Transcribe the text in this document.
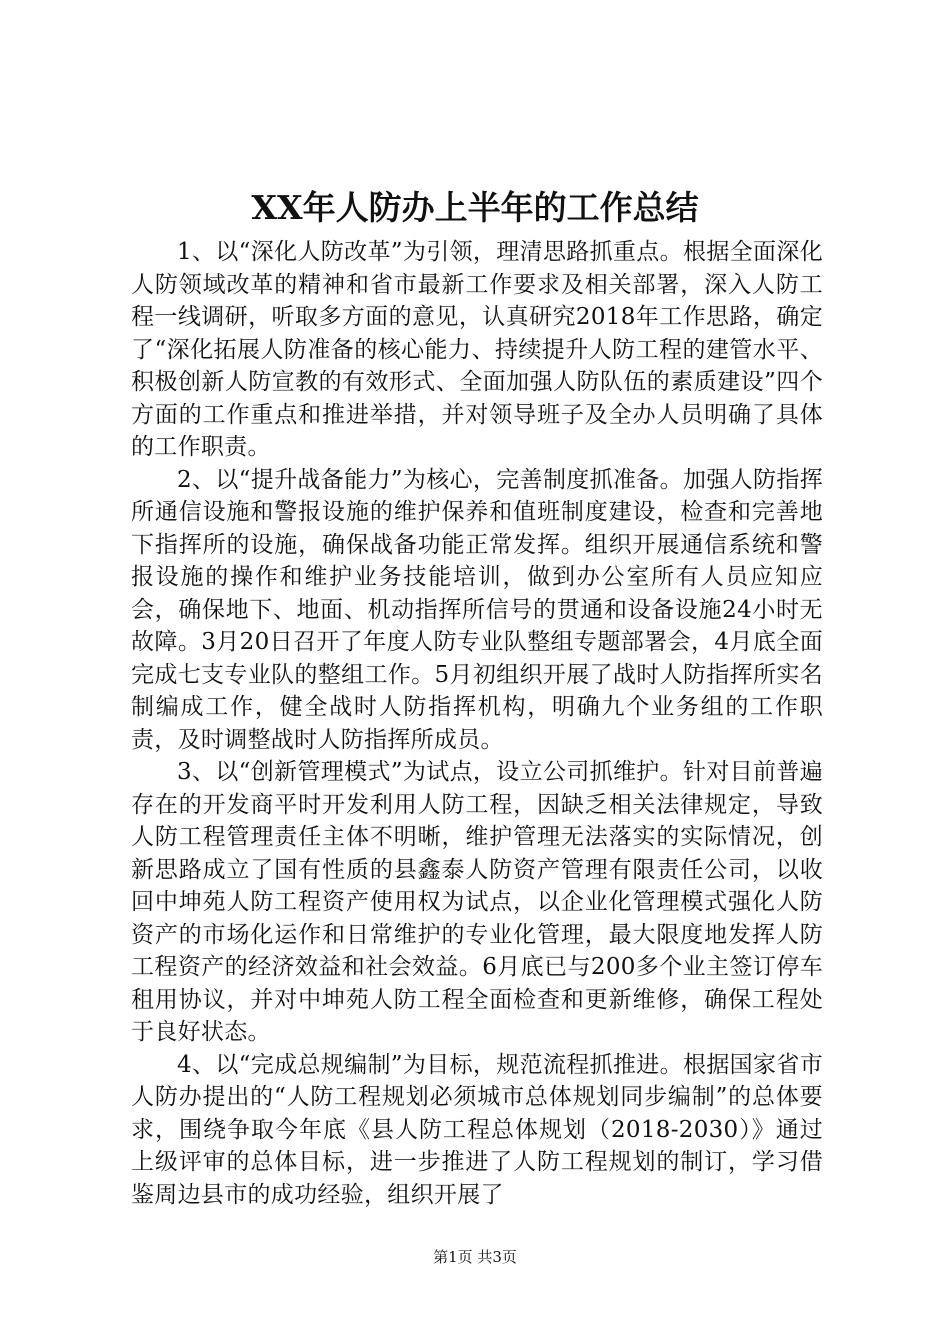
XX年人防办上半年的工作总结

1、以“深化人防改革”为引领，理清思路抓重点。根据全面深化人防领域改革的精神和省市最新工作要求及相关部署，深入人防工程一线调研，听取多方面的意见，认真研究2018年工作思路，确定了“深化拓展人防准备的核心能力、持续提升人防工程的建管水平、积极创新人防宣教的有效形式、全面加强人防队伍的素质建设”四个方面的工作重点和推进举措，并对领导班子及全办人员明确了具体的工作职责。

2、以“提升战备能力”为核心，完善制度抓准备。加强人防指挥所通信设施和警报设施的维护保养和值班制度建设，检查和完善地下指挥所的设施，确保战备功能正常发挥。组织开展通信系统和警报设施的操作和维护业务技能培训，做到办公室所有人员应知应会，确保地下、地面、机动指挥所信号的贯通和设备设施24小时无故障。3月20日召开了年度人防专业队整组专题部署会，4月底全面完成七支专业队的整组工作。5月初组织开展了战时人防指挥所实名制编成工作，健全战时人防指挥机构，明确九个业务组的工作职责，及时调整战时人防指挥所成员。

3、以“创新管理模式”为试点，设立公司抓维护。针对目前普遍存在的开发商平时开发利用人防工程，因缺乏相关法律规定，导致人防工程管理责任主体不明晰，维护管理无法落实的实际情况，创新思路成立了国有性质的县鑫泰人防资产管理有限责任公司，以收回中坤苑人防工程资产使用权为试点，以企业化管理模式强化人防资产的市场化运作和日常维护的专业化管理，最大限度地发挥人防工程资产的经济效益和社会效益。6月底已与200多个业主签订停车租用协议，并对中坤苑人防工程全面检查和更新维修，确保工程处于良好状态。

4、以“完成总规编制”为目标，规范流程抓推进。根据国家省市人防办提出的“人防工程规划必须城市总体规划同步编制”的总体要求，围绕争取今年底《县人防工程总体规划（2018-2030）》通过上级评审的总体目标，进一步推进了人防工程规划的制订，学习借鉴周边县市的成功经验，组织开展了

第1页 共3页
